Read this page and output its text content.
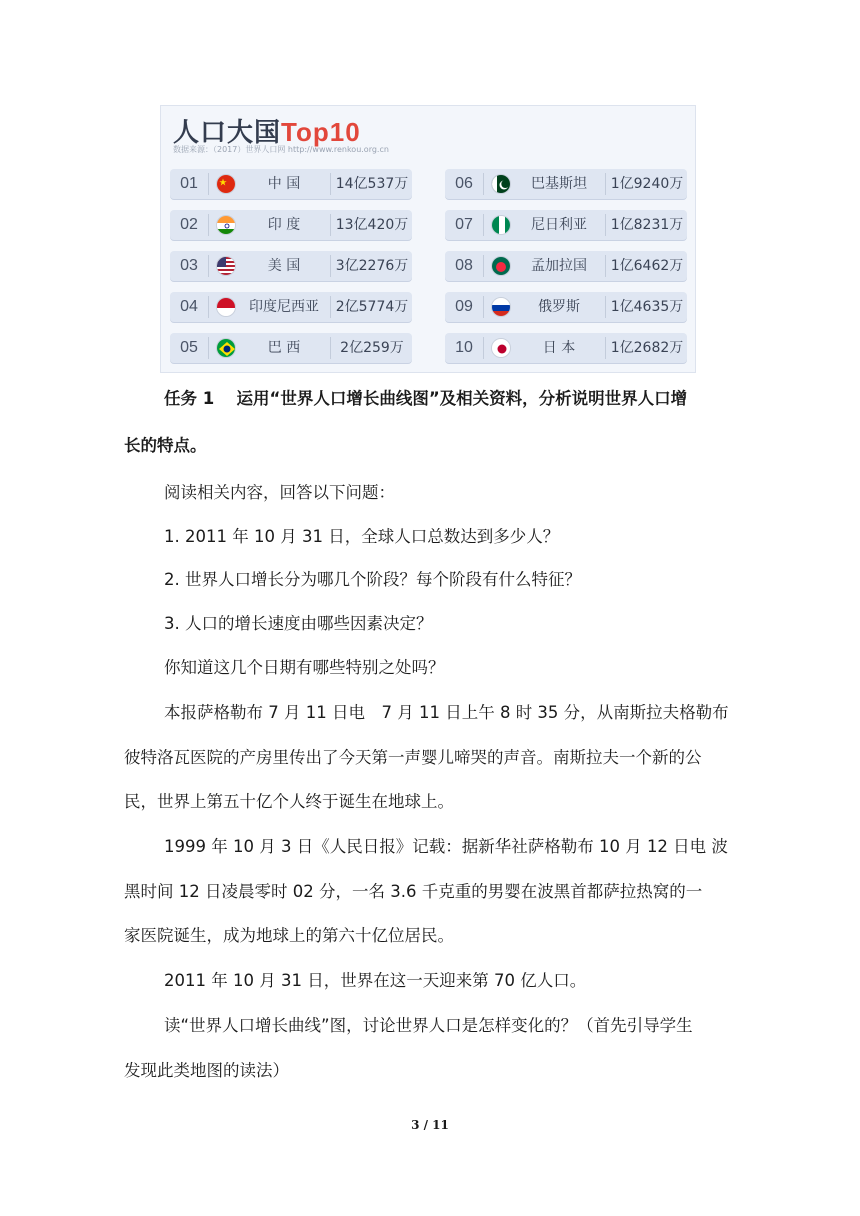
人口大国Top10
数据来源：（2017）世界人口网 http://www.renkou.org.cn
01	中 国	14亿537万
02	印 度	13亿420万
03	美 国	3亿2276万
04	印度尼西亚	2亿5774万
05	巴 西	2亿259万
06	巴基斯坦	1亿9240万
07	尼日利亚	1亿8231万
08	孟加拉国	1亿6462万
09	俄罗斯	1亿4635万
10	日 本	1亿2682万
任务 1　 运用“世界人口增长曲线图”及相关资料，分析说明世界人口增
长的特点。
阅读相关内容，回答以下问题：
1. 2011 年 10 月 31 日，全球人口总数达到多少人？
2. 世界人口增长分为哪几个阶段？每个阶段有什么特征？
3. 人口的增长速度由哪些因素决定？
你知道这几个日期有哪些特别之处吗？
本报萨格勒布 7 月 11 日电　7 月 11 日上午 8 时 35 分，从南斯拉夫格勒布
彼特洛瓦医院的产房里传出了今天第一声婴儿啼哭的声音。南斯拉夫一个新的公
民，世界上第五十亿个人终于诞生在地球上。
1999 年 10 月 3 日《人民日报》记载：据新华社萨格勒布 10 月 12 日电 波
黑时间 12 日凌晨零时 02 分，一名 3.6 千克重的男婴在波黑首都萨拉热窝的一
家医院诞生，成为地球上的第六十亿位居民。
2011 年 10 月 31 日，世界在这一天迎来第 70 亿人口。
读“世界人口增长曲线”图，讨论世界人口是怎样变化的？（首先引导学生
发现此类地图的读法）
3 / 11
